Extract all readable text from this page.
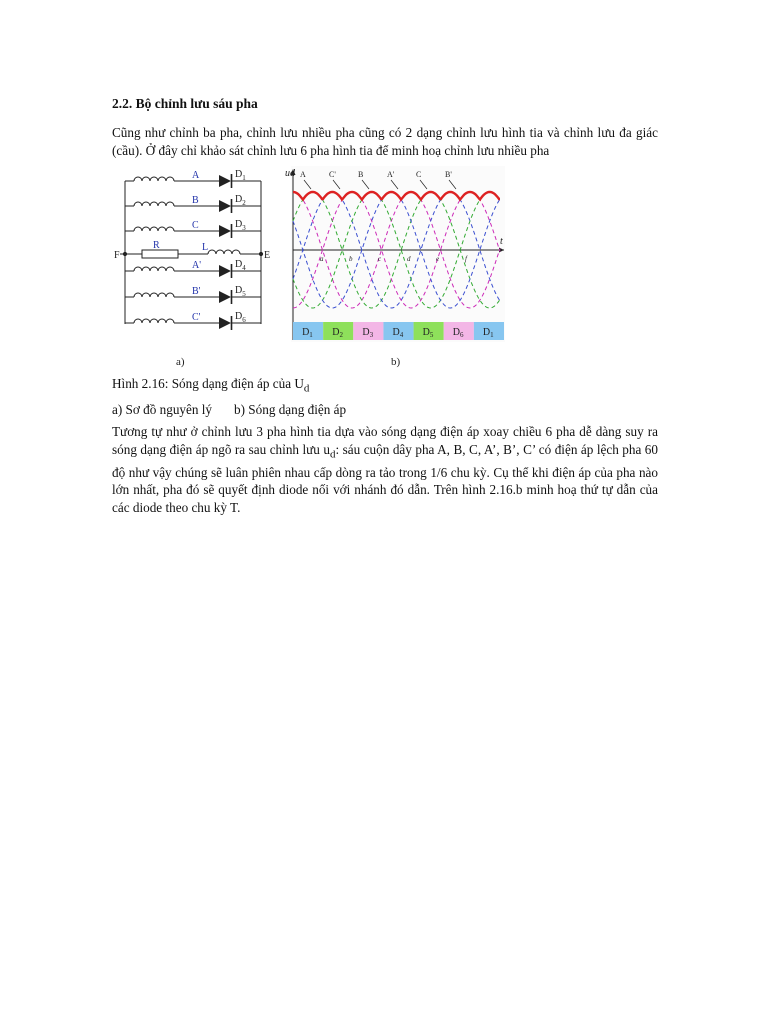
2.2. Bộ chỉnh lưu sáu pha

Cũng như chỉnh ba pha, chỉnh lưu nhiều pha cũng có 2 dạng chỉnh lưu hình tia và chỉnh lưu đa giác (cầu). Ở đây chỉ khảo sát chỉnh lưu 6 pha hình tia để minh hoạ chỉnh lưu nhiều pha

A	$D_1$
B	$D_2$
C	$D_3$
A'	$D_4$
B'	$D_5$
C'	$D_6$
F	E
R	L
a)
a	b	c	d	e	f
A	C'	B	A'	C	B'
$D_1$ $D_2$ $D_3$ $D_4$ $D_5$ $D_6$ $D_1$
ud
t
b)
Hình 2.16: Sóng dạng điện áp của $U_d$
a) Sơ đồ nguyên lý b) Sóng dạng điện áp

Tương tự như ở chỉnh lưu 3 pha hình tia dựa vào sóng dạng điện áp xoay chiều 6 pha dễ dàng suy ra sóng dạng điện áp ngõ ra sau chỉnh lưu $u_d$: sáu cuộn dây pha A, B, C, A’, B’, C’ có điện áp lệch pha 60 độ như vậy chúng sẽ luân phiên nhau cấp dòng ra tảo trong 1/6 chu kỳ. Cụ thể khi điện áp của pha nào lớn nhất, pha đó sẽ quyết định diode nối với nhánh đó dẫn. Trên hình 2.16.b minh hoạ thứ tự dẫn của các diode theo chu kỳ T.
